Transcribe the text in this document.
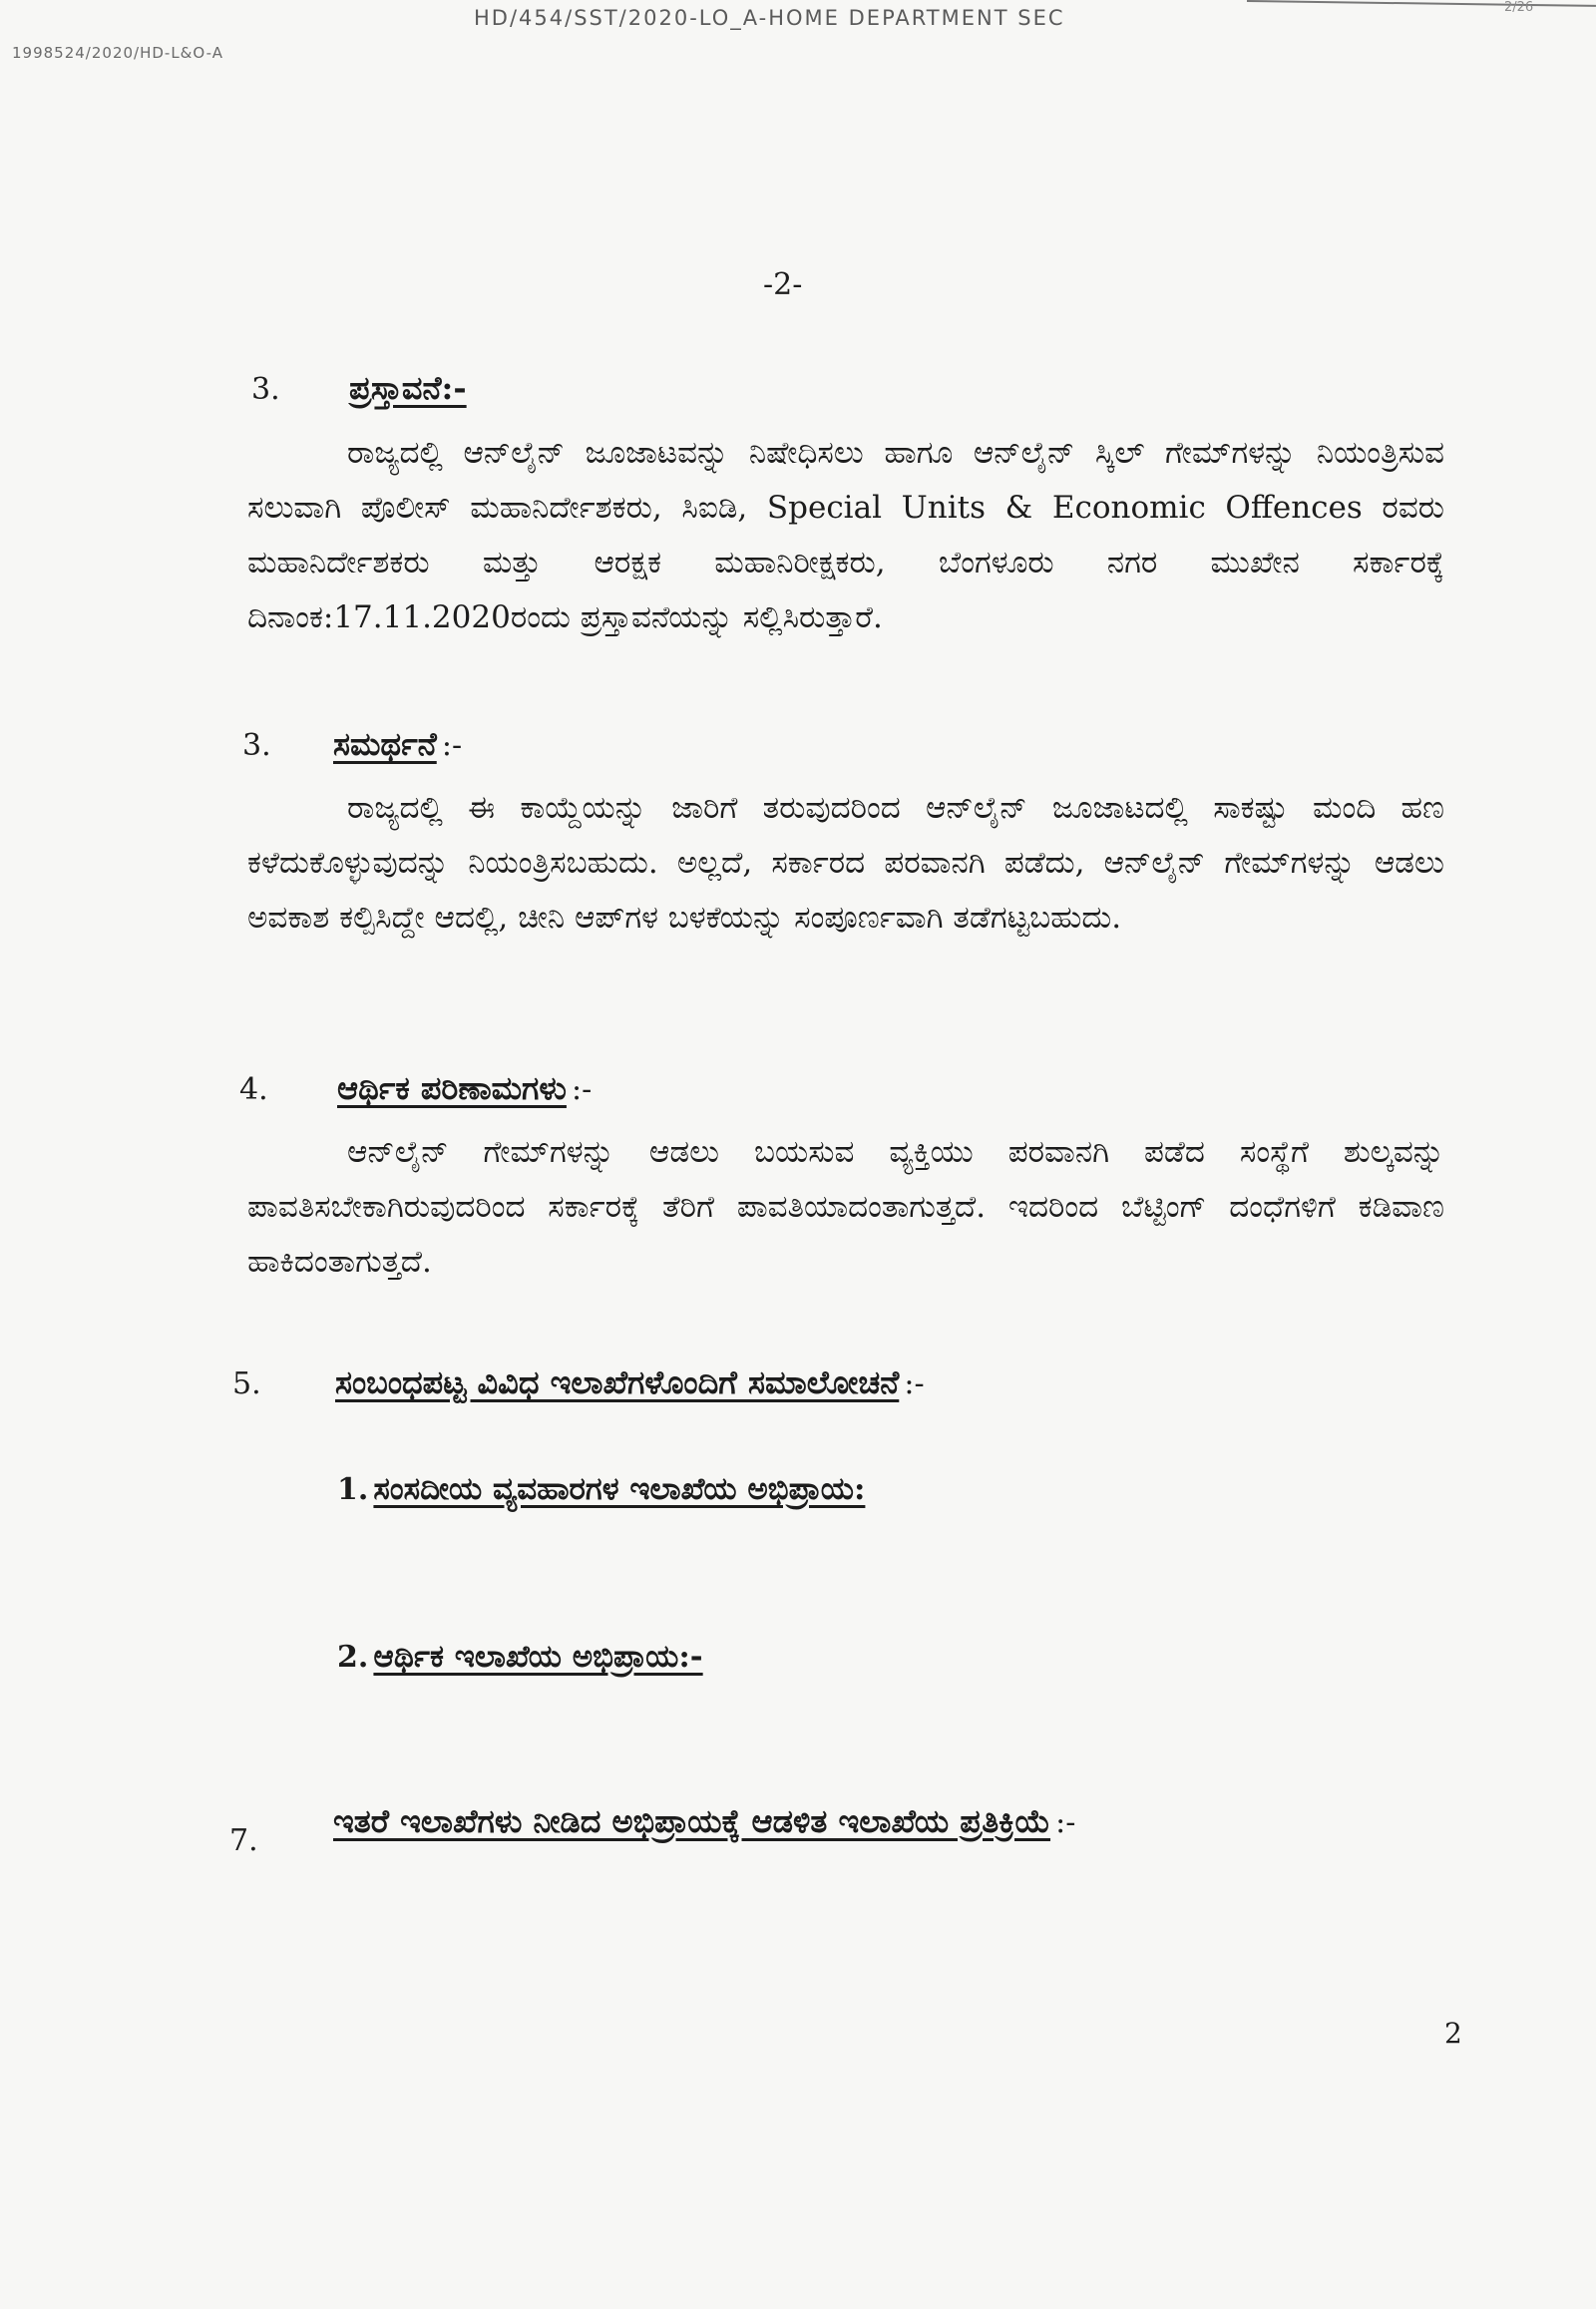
HD/454/SST/2020-LO_A-HOME DEPARTMENT SEC
1998524/2020/HD-L&O-A
2/26
-2-
3. ಪ್ರಸ್ತಾವನೆ:-
ರಾಜ್ಯದಲ್ಲಿ ಆನ್‌ಲೈನ್ ಜೂಜಾಟವನ್ನು ನಿಷೇಧಿಸಲು ಹಾಗೂ ಆನ್‌ಲೈನ್ ಸ್ಕಿಲ್ ಗೇಮ್‌ಗಳನ್ನು ನಿಯಂತ್ರಿಸುವ ಸಲುವಾಗಿ ಪೊಲೀಸ್ ಮಹಾನಿರ್ದೇಶಕರು, ಸಿಐಡಿ, Special Units & Economic Offences ರವರು ಮಹಾನಿರ್ದೇಶಕರು ಮತ್ತು ಆರಕ್ಷಕ ಮಹಾನಿರೀಕ್ಷಕರು, ಬೆಂಗಳೂರು ನಗರ ಮುಖೇನ ಸರ್ಕಾರಕ್ಕೆ ದಿನಾಂಕ:17.11.2020ರಂದು ಪ್ರಸ್ತಾವನೆಯನ್ನು ಸಲ್ಲಿಸಿರುತ್ತಾರೆ.
3. ಸಮರ್ಥನೆ :-
ರಾಜ್ಯದಲ್ಲಿ ಈ ಕಾಯ್ದೆಯನ್ನು ಜಾರಿಗೆ ತರುವುದರಿಂದ ಆನ್‌ಲೈನ್ ಜೂಜಾಟದಲ್ಲಿ ಸಾಕಷ್ಟು ಮಂದಿ ಹಣ ಕಳೆದುಕೊಳ್ಳುವುದನ್ನು ನಿಯಂತ್ರಿಸಬಹುದು. ಅಲ್ಲದೆ, ಸರ್ಕಾರದ ಪರವಾನಗಿ ಪಡೆದು, ಆನ್‌ಲೈನ್ ಗೇಮ್‌ಗಳನ್ನು ಆಡಲು ಅವಕಾಶ ಕಲ್ಪಿಸಿದ್ದೇ ಆದಲ್ಲಿ, ಚೀನಿ ಆಪ್‌ಗಳ ಬಳಕೆಯನ್ನು ಸಂಪೂರ್ಣವಾಗಿ ತಡೆಗಟ್ಟಬಹುದು.
4. ಆರ್ಥಿಕ ಪರಿಣಾಮಗಳು :-
ಆನ್‌ಲೈನ್ ಗೇಮ್‌ಗಳನ್ನು ಆಡಲು ಬಯಸುವ ವ್ಯಕ್ತಿಯು ಪರವಾನಗಿ ಪಡೆದ ಸಂಸ್ಥೆಗೆ ಶುಲ್ಕವನ್ನು ಪಾವತಿಸಬೇಕಾಗಿರುವುದರಿಂದ ಸರ್ಕಾರಕ್ಕೆ ತೆರಿಗೆ ಪಾವತಿಯಾದಂತಾಗುತ್ತದೆ. ಇದರಿಂದ ಬೆಟ್ಟಿಂಗ್ ದಂಧೆಗಳಿಗೆ ಕಡಿವಾಣ ಹಾಕಿದಂತಾಗುತ್ತದೆ.
5. ಸಂಬಂಧಪಟ್ಟ ವಿವಿಧ ಇಲಾಖೆಗಳೊಂದಿಗೆ ಸಮಾಲೋಚನೆ :-
1. ಸಂಸದೀಯ ವ್ಯವಹಾರಗಳ ಇಲಾಖೆಯ ಅಭಿಪ್ರಾಯ:
2. ಆರ್ಥಿಕ ಇಲಾಖೆಯ ಅಭಿಪ್ರಾಯ:-
7.
ಇತರೆ ಇಲಾಖೆಗಳು ನೀಡಿದ ಅಭಿಪ್ರಾಯಕ್ಕೆ ಆಡಳಿತ ಇಲಾಖೆಯ ಪ್ರತಿಕ್ರಿಯೆ :-
2
